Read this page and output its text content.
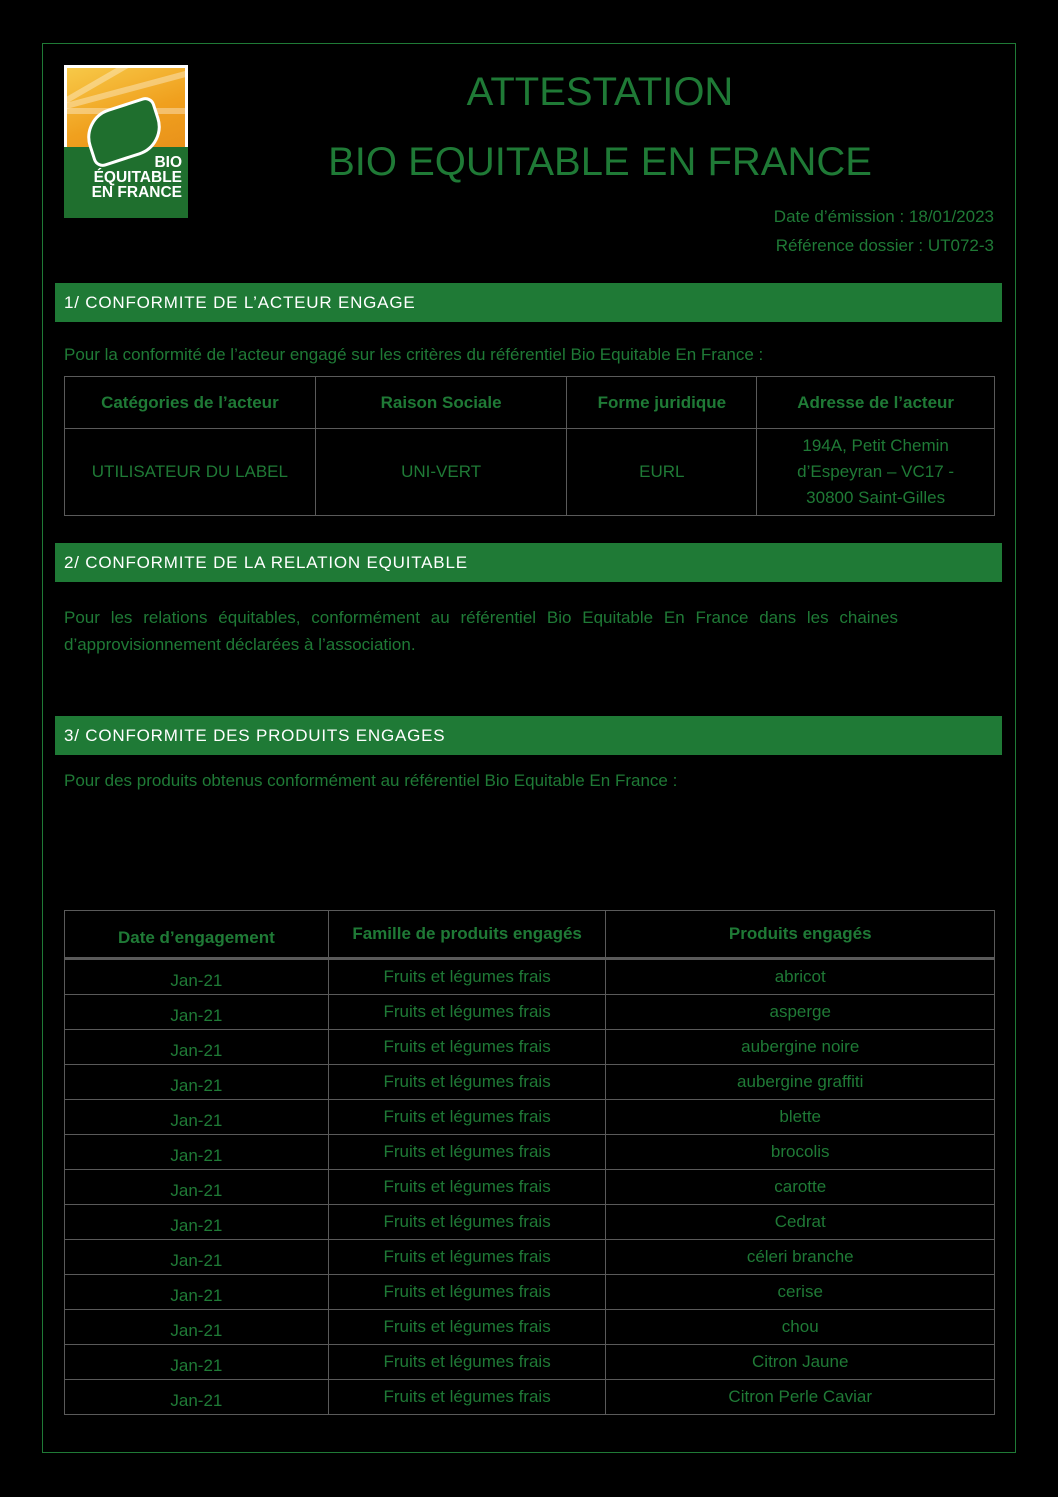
BIO
ÉQUITABLE
EN FRANCE
ATTESTATION
BIO EQUITABLE EN FRANCE
Date d’émission : 18/01/2023
Référence dossier : UT072-3
1/ CONFORMITE DE L’ACTEUR ENGAGE
Pour la conformité de l’acteur engagé sur les critères du référentiel Bio Equitable En France :
Catégories de l’acteur	Raison Sociale	Forme juridique	Adresse de l’acteur
UTILISATEUR DU LABEL	UNI-VERT	EURL	194A, Petit Chemin
d’Espeyran – VC17 -
30800 Saint-Gilles
2/ CONFORMITE DE LA RELATION EQUITABLE
Pour les relations équitables, conformément au référentiel Bio Equitable En France dans les chaines d’approvisionnement déclarées à l’association.
3/ CONFORMITE DES PRODUITS ENGAGES
Pour des produits obtenus conformément au référentiel Bio Equitable En France :
Date d’engagement	Famille de produits engagés	Produits engagés
Jan-21	Fruits et légumes frais	abricot
Jan-21	Fruits et légumes frais	asperge
Jan-21	Fruits et légumes frais	aubergine noire
Jan-21	Fruits et légumes frais	aubergine graffiti
Jan-21	Fruits et légumes frais	blette
Jan-21	Fruits et légumes frais	brocolis
Jan-21	Fruits et légumes frais	carotte
Jan-21	Fruits et légumes frais	Cedrat
Jan-21	Fruits et légumes frais	céleri branche
Jan-21	Fruits et légumes frais	cerise
Jan-21	Fruits et légumes frais	chou
Jan-21	Fruits et légumes frais	Citron Jaune
Jan-21	Fruits et légumes frais	Citron Perle Caviar
